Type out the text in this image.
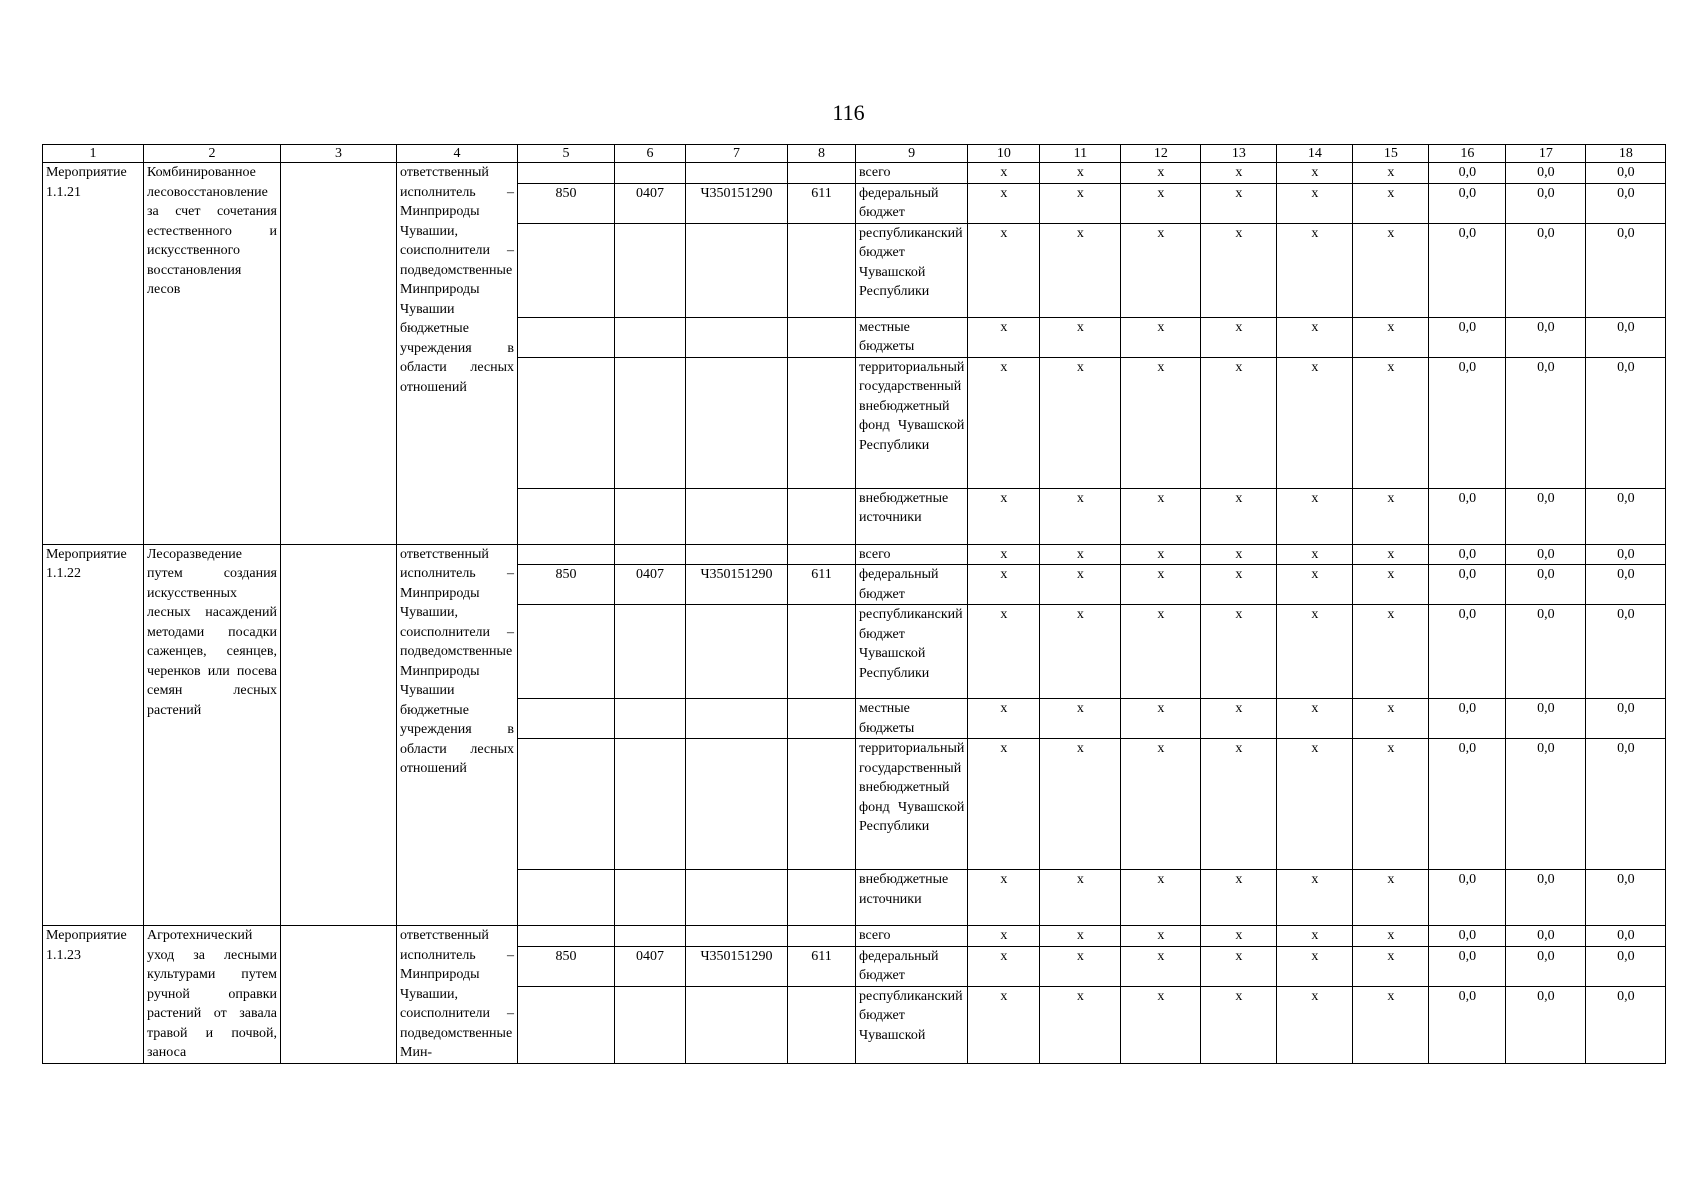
116
1	2	3	4	5	6	7	8	9	10	11	12	13	14	15	16	17	18
Мероприятие 1.1.21	Комбинированное лесовосстановление за счет сочетания естественного и искусственного восстановления лесов		ответственный исполнитель – Минприроды Чувашии, соисполнители – подведомственные Минприроды Чувашии бюджетные учреждения в области лесных отношений					всего	x	x	x	x	x	x	0,0	0,0	0,0
				850	0407	Ч350151290	611	федеральный бюджет	x	x	x	x	x	x	0,0	0,0	0,0
								республиканский бюджет Чувашской Республики	x	x	x	x	x	x	0,0	0,0	0,0
								местные бюджеты	x	x	x	x	x	x	0,0	0,0	0,0
								территориальный государственный внебюджетный фонд Чувашской Республики	x	x	x	x	x	x	0,0	0,0	0,0
								внебюджетные источники	x	x	x	x	x	x	0,0	0,0	0,0
Мероприятие 1.1.22	Лесоразведение путем создания искусственных лесных насаждений методами посадки саженцев, сеянцев, черенков или посева семян лесных растений		ответственный исполнитель – Минприроды Чувашии, соисполнители – подведомственные Минприроды Чувашии бюджетные учреждения в области лесных отношений					всего	x	x	x	x	x	x	0,0	0,0	0,0
				850	0407	Ч350151290	611	федеральный бюджет	x	x	x	x	x	x	0,0	0,0	0,0
								республиканский бюджет Чувашской Республики	x	x	x	x	x	x	0,0	0,0	0,0
								местные бюджеты	x	x	x	x	x	x	0,0	0,0	0,0
								территориальный государственный внебюджетный фонд Чувашской Республики	x	x	x	x	x	x	0,0	0,0	0,0
								внебюджетные источники	x	x	x	x	x	x	0,0	0,0	0,0
Мероприятие 1.1.23	Агротехнический уход за лесными культурами путем ручной оправки растений от завала травой и почвой, заноса		ответственный исполнитель – Минприроды Чувашии, соисполнители – подведомственные Мин-					всего	x	x	x	x	x	x	0,0	0,0	0,0
				850	0407	Ч350151290	611	федеральный бюджет	x	x	x	x	x	x	0,0	0,0	0,0
								республиканский бюджет Чувашской	x	x	x	x	x	x	0,0	0,0	0,0
